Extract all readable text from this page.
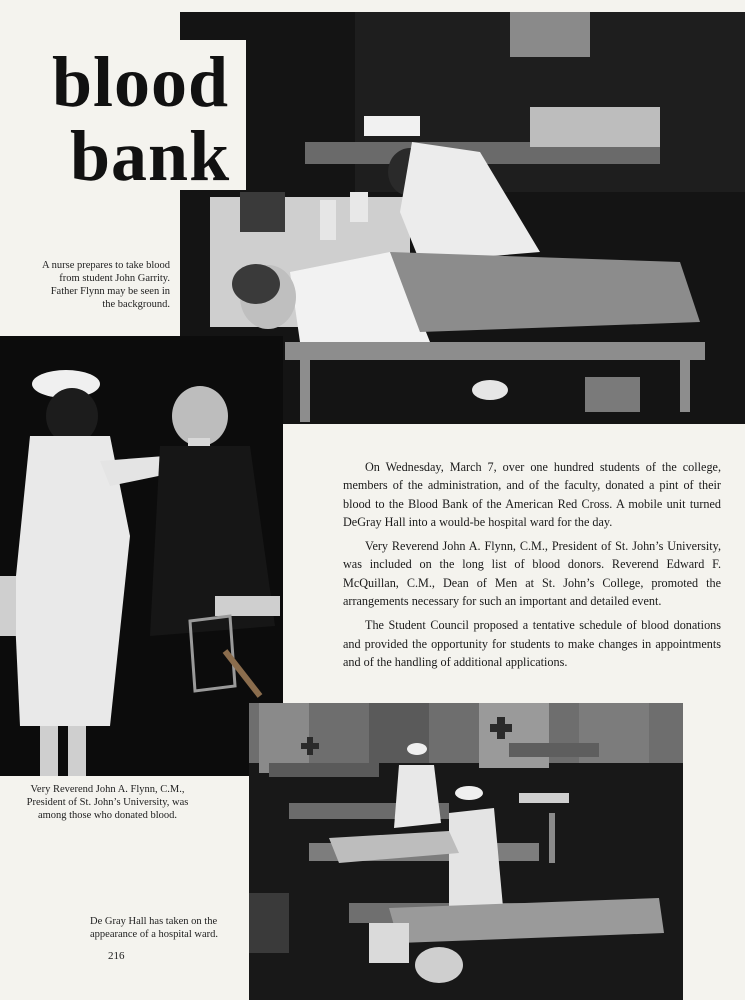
blood
bank
A nurse prepares to take blood from student John Garrity. Father Flynn may be seen in the background.
Very Reverend John A. Flynn, C.M., President of St. John’s University, was among those who donated blood.

On Wednesday, March 7, over one hundred students of the college, members of the administration, and of the faculty, donated a pint of their blood to the Blood Bank of the American Red Cross. A mobile unit turned DeGray Hall into a would-be hospital ward for the day.

Very Reverend John A. Flynn, C.M., President of St. John’s University, was included on the long list of blood donors. Reverend Edward F. McQuillan, C.M., Dean of Men at St. John’s College, promoted the arrangements necessary for such an important and detailed event.

The Student Council proposed a tentative schedule of blood donations and provided the opportunity for students to make changes in appointments and of the handling of additional applications.

De Gray Hall has taken on the appearance of a hospital ward.
216
